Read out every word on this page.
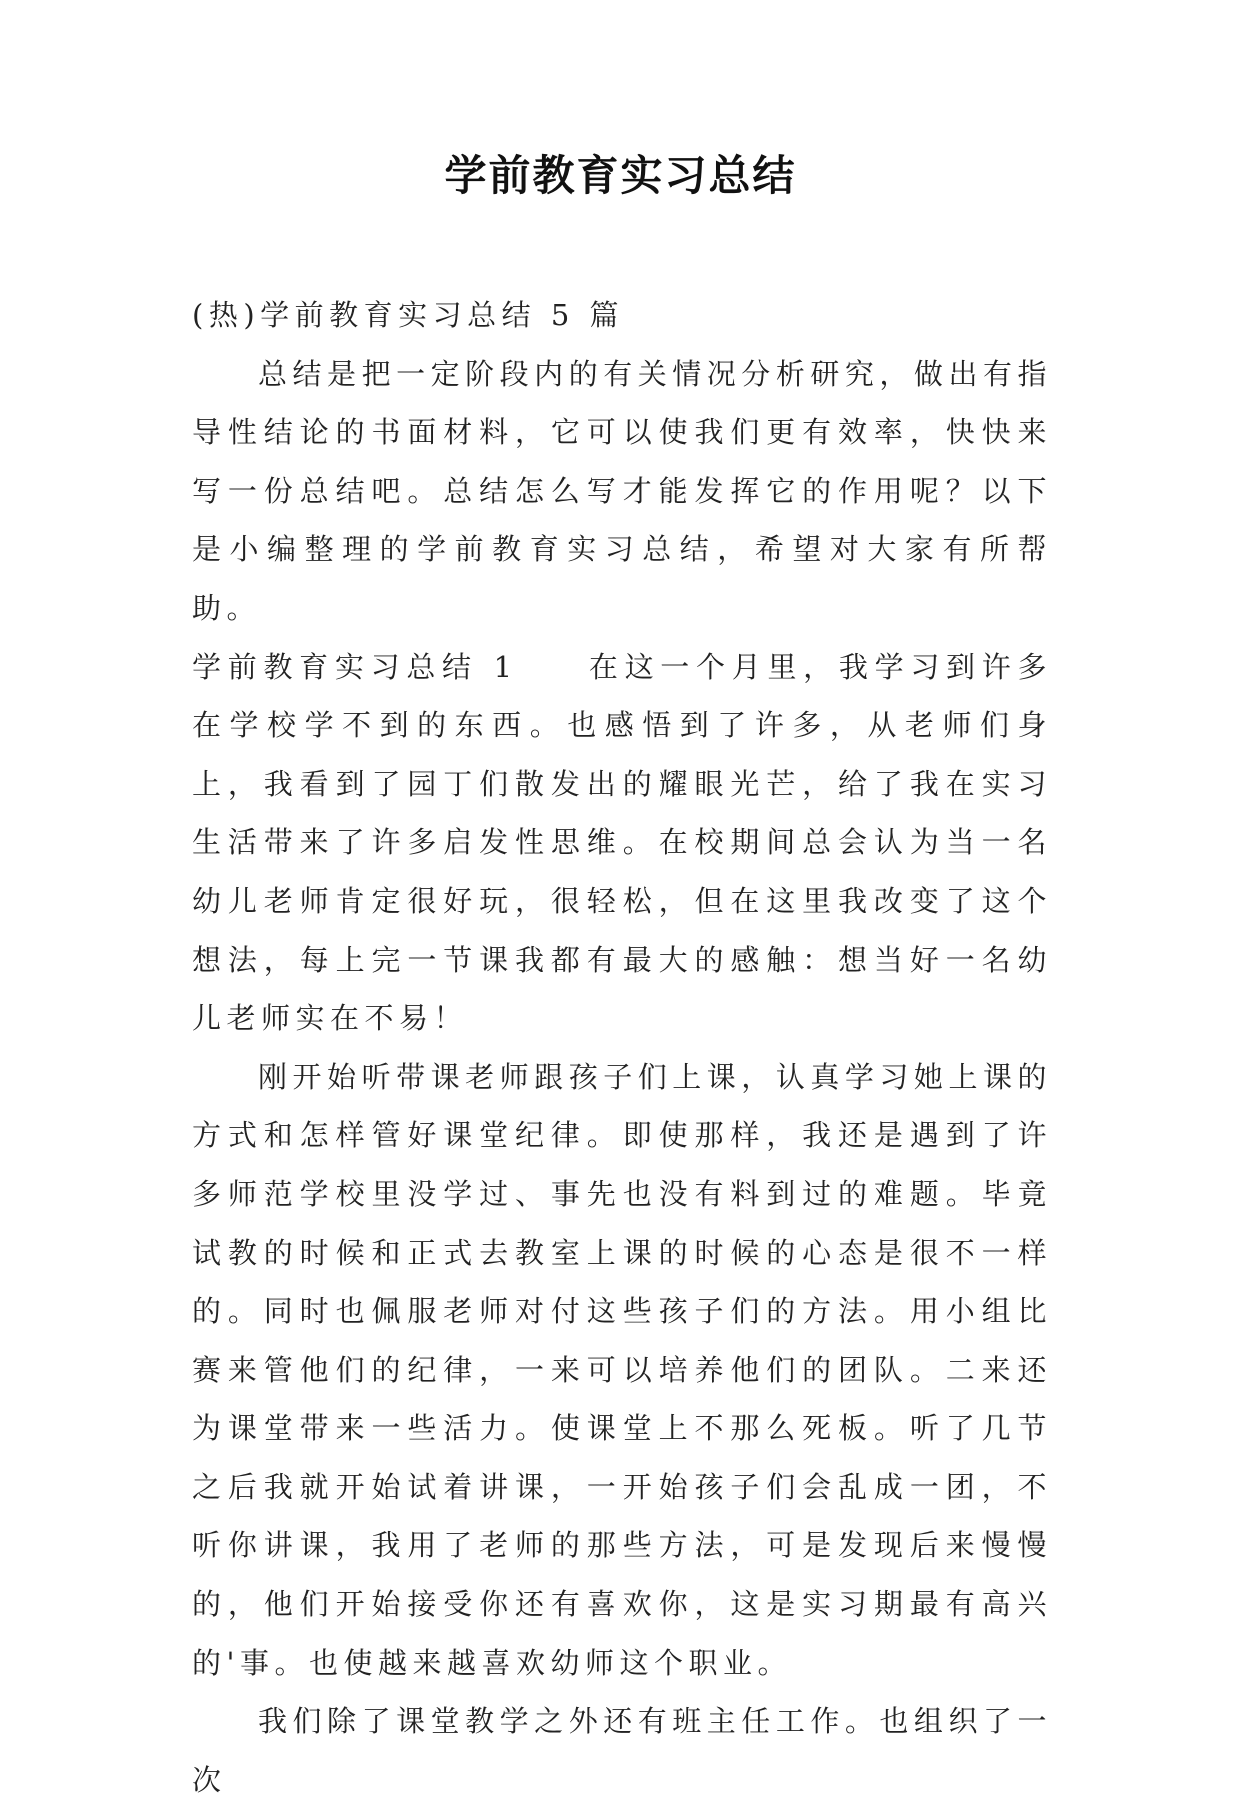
学前教育实习总结

(热)学前教育实习总结 5 篇

总结是把一定阶段内的有关情况分析研究，做出有指导性结论的书面材料，它可以使我们更有效率，快快来写一份总结吧。总结怎么写才能发挥它的作用呢？以下是小编整理的学前教育实习总结，希望对大家有所帮助。

学前教育实习总结 1 在这一个月里，我学习到许多在学校学不到的东西。也感悟到了许多，从老师们身上，我看到了园丁们散发出的耀眼光芒，给了我在实习生活带来了许多启发性思维。在校期间总会认为当一名幼儿老师肯定很好玩，很轻松，但在这里我改变了这个想法，每上完一节课我都有最大的感触：想当好一名幼儿老师实在不易！

刚开始听带课老师跟孩子们上课，认真学习她上课的方式和怎样管好课堂纪律。即使那样，我还是遇到了许多师范学校里没学过、事先也没有料到过的难题。毕竟试教的时候和正式去教室上课的时候的心态是很不一样的。同时也佩服老师对付这些孩子们的方法。用小组比赛来管他们的纪律，一来可以培养他们的团队。二来还为课堂带来一些活力。使课堂上不那么死板。听了几节之后我就开始试着讲课，一开始孩子们会乱成一团，不听你讲课，我用了老师的那些方法，可是发现后来慢慢的，他们开始接受你还有喜欢你，这是实习期最有高兴的'事。也使越来越喜欢幼师这个职业。

我们除了课堂教学之外还有班主任工作。也组织了一次
